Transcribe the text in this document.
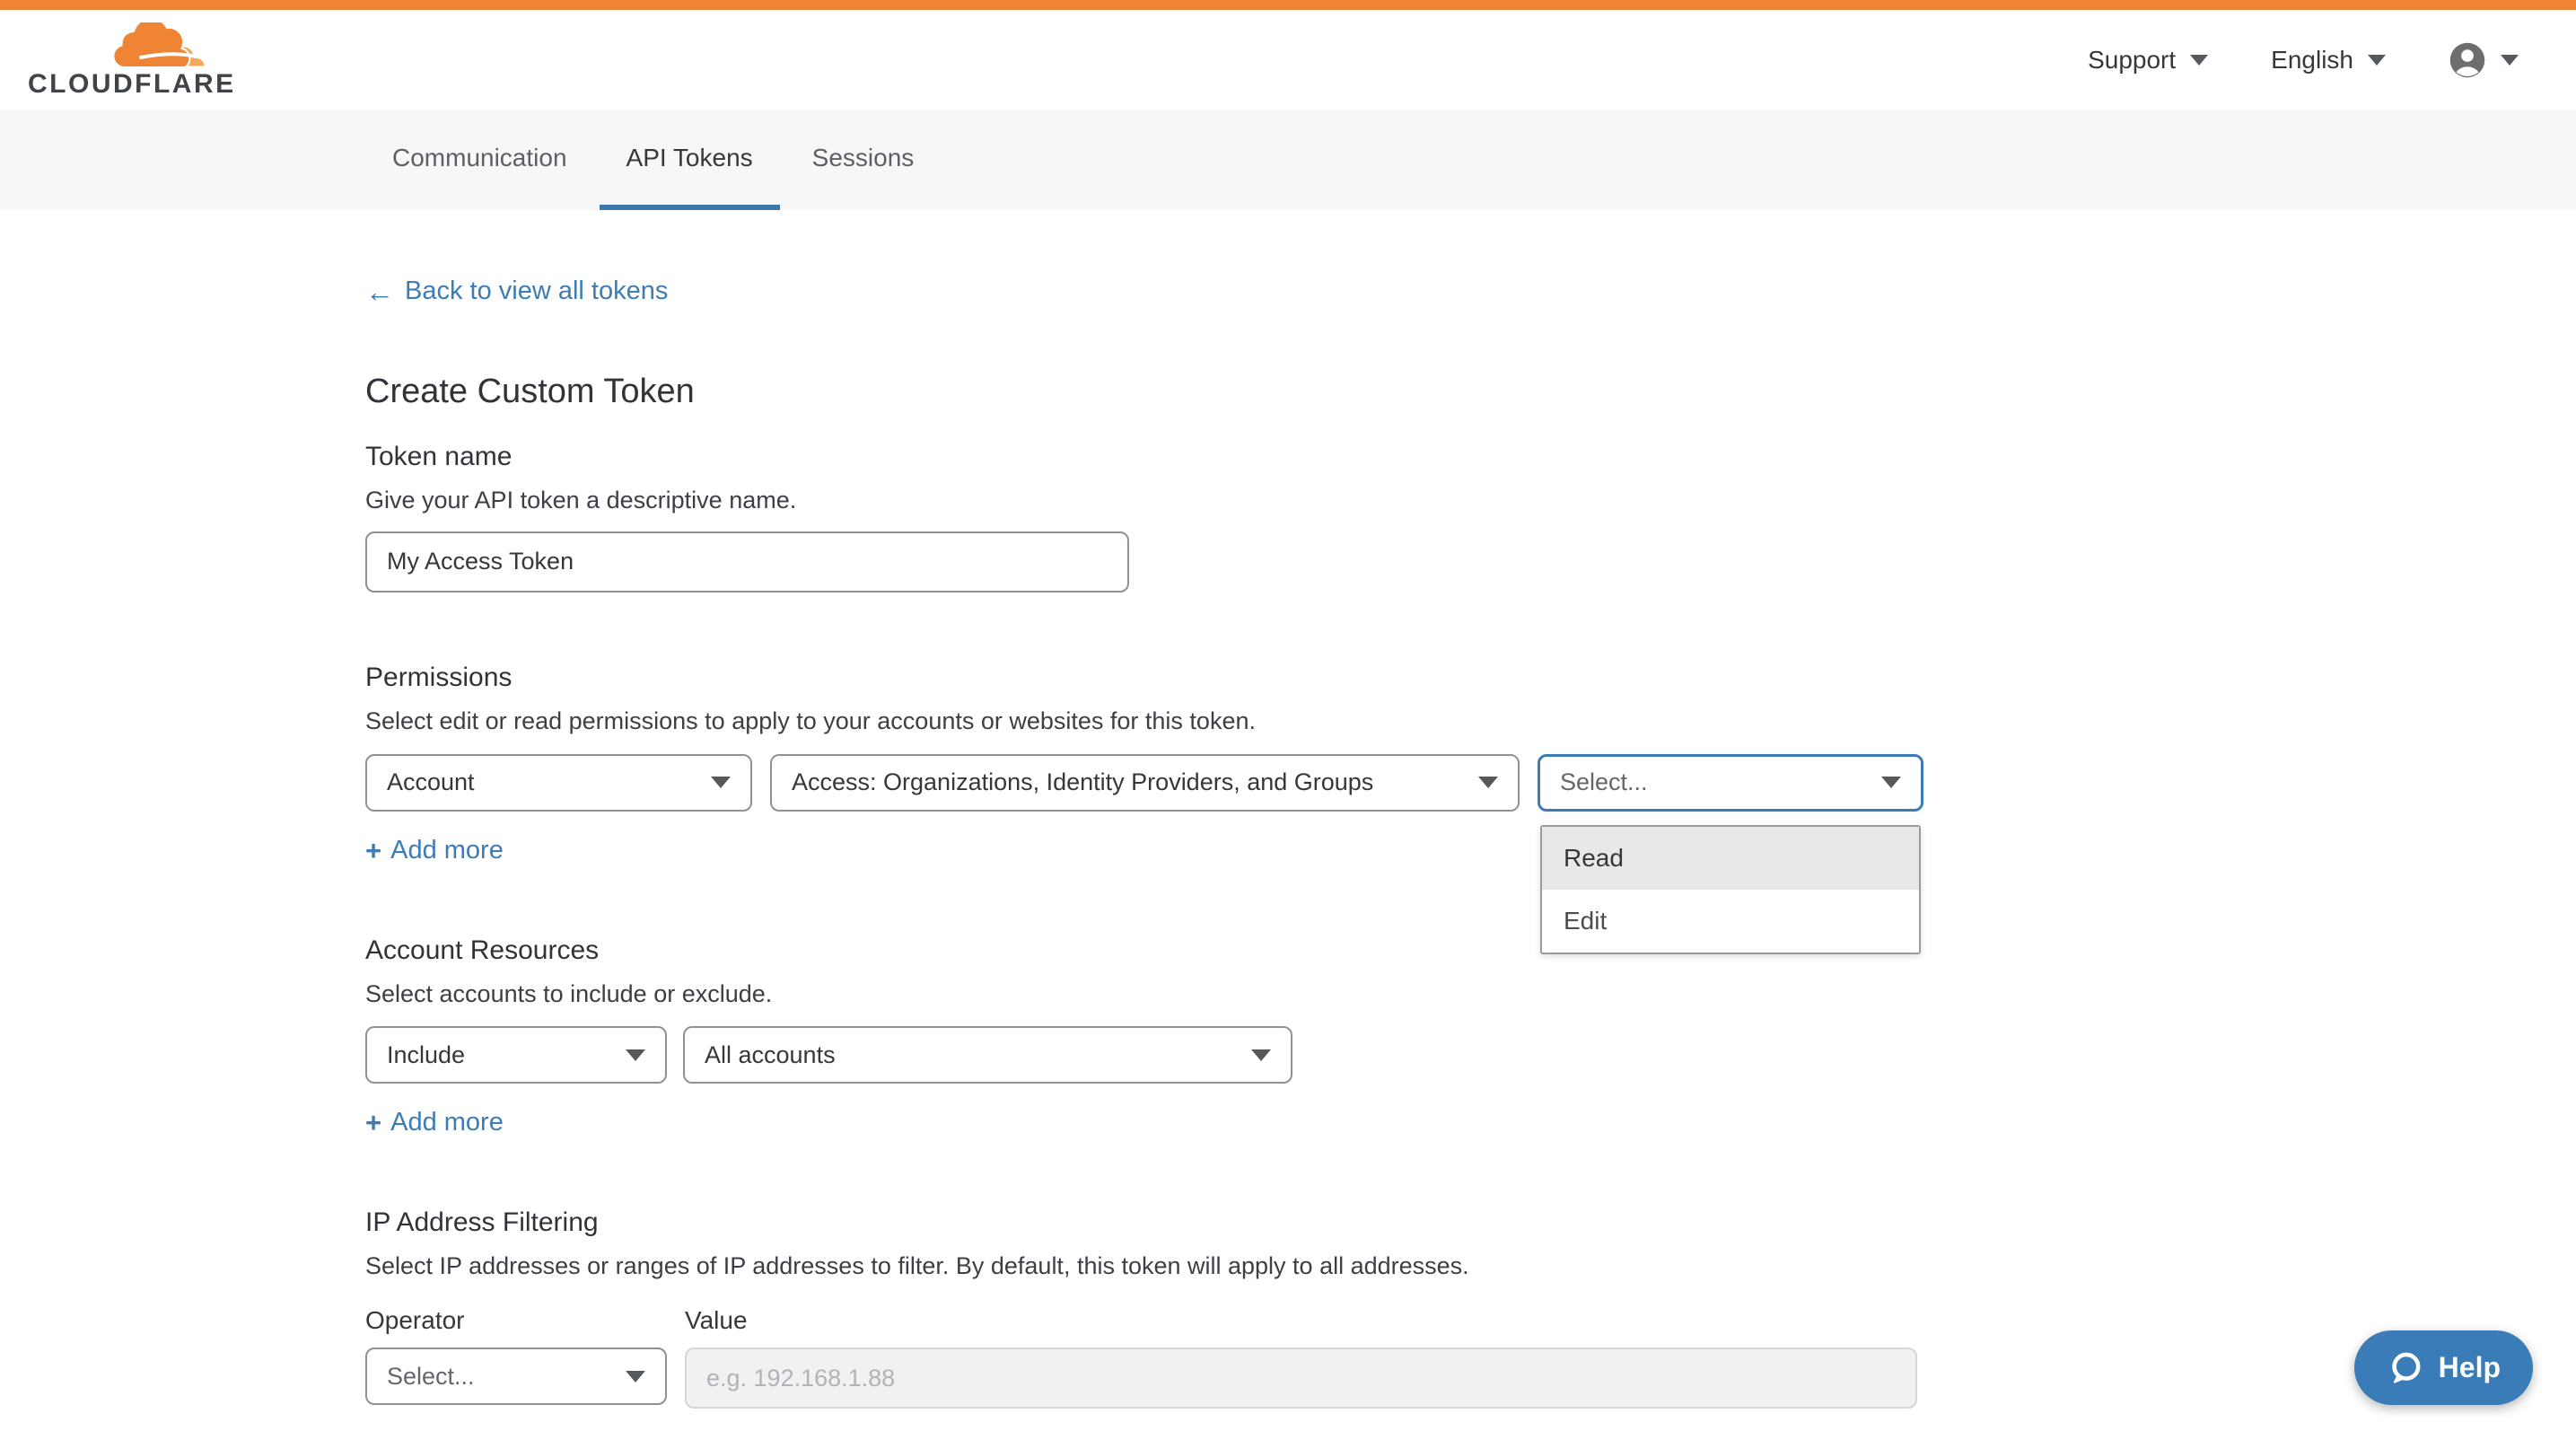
CLOUDFLARE
Support	English
Communication API Tokens Sessions
← Back to view all tokens
Create Custom Token
Token name

Give your API token a descriptive name.

My Access Token
Permissions

Select edit or read permissions to apply to your accounts or websites for this token.

Account	Access: Organizations, Identity Providers, and Groups	Select...
Read
Edit
+ Add more
Account Resources

Select accounts to include or exclude.

Include	All accounts
+ Add more
IP Address Filtering

Select IP addresses or ranges of IP addresses to filter. By default, this token will apply to all addresses.

Operator	Value
Select...
e.g. 192.168.1.88	Help
